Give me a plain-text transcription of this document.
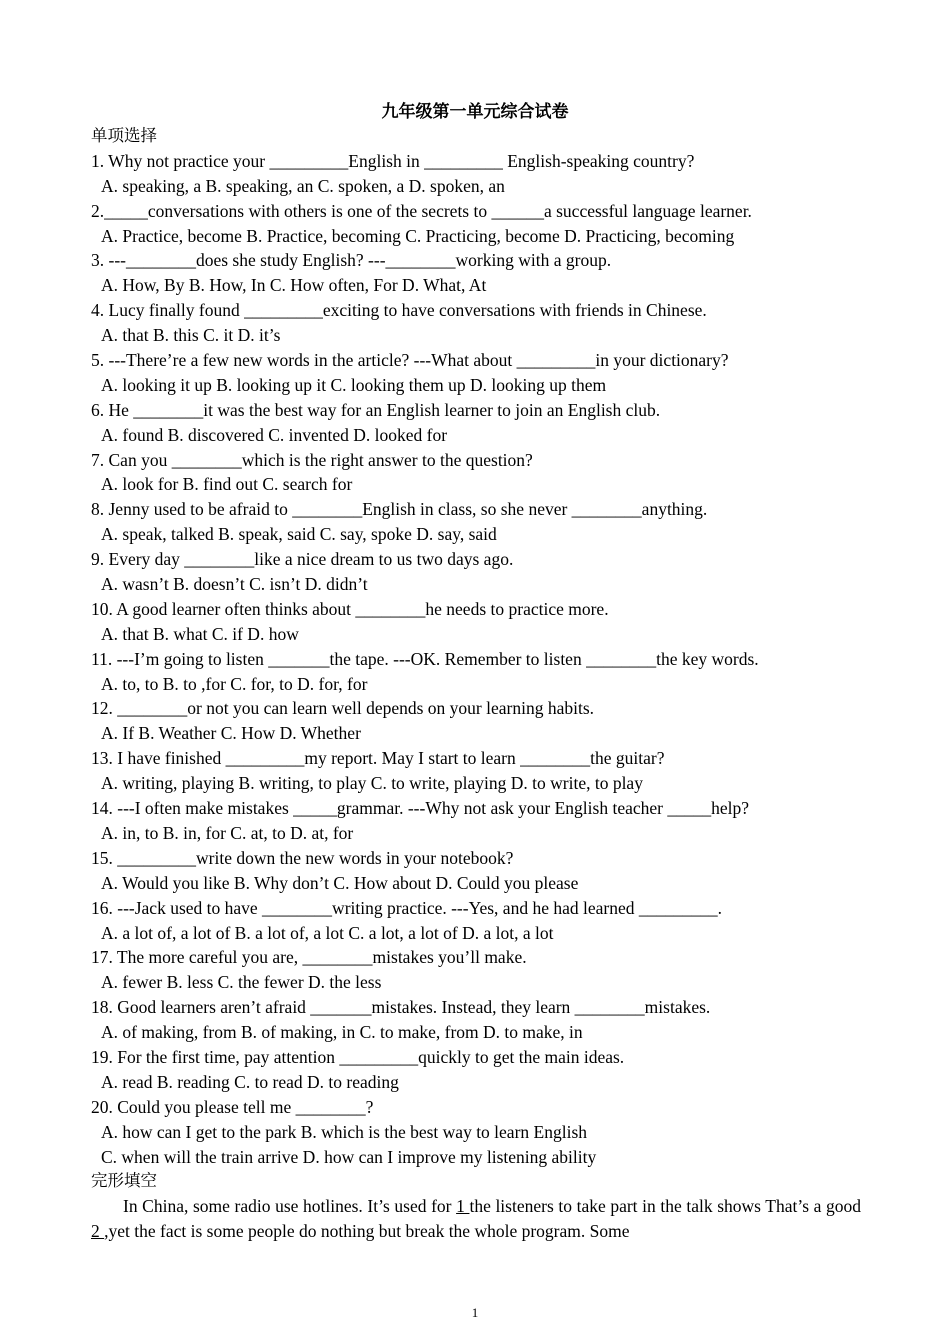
九年级第一单元综合试卷
单项选择
1. Why not practice your _________English in _________ English-speaking country?
A. speaking, a B. speaking, an C. spoken, a D. spoken, an
2._____conversations with others is one of the secrets to ______a successful language learner.
A. Practice, become B. Practice, becoming C. Practicing, become D. Practicing, becoming
3. ---________does she study English? ---________working with a group.
A. How, By B. How, In C. How often, For D. What, At
4. Lucy finally found _________exciting to have conversations with friends in Chinese.
A. that B. this C. it D. it’s
5. ---There’re a few new words in the article? ---What about _________in your dictionary?
A. looking it up B. looking up it C. looking them up D. looking up them
6. He ________it was the best way for an English learner to join an English club.
A. found B. discovered C. invented D. looked for
7. Can you ________which is the right answer to the question?
A. look for B. find out C. search for
8. Jenny used to be afraid to ________English in class, so she never ________anything.
A. speak, talked B. speak, said C. say, spoke D. say, said
9. Every day ________like a nice dream to us two days ago.
A. wasn’t B. doesn’t C. isn’t D. didn’t
10. A good learner often thinks about ________he needs to practice more.
A. that B. what C. if D. how
11. ---I’m going to listen _______the tape. ---OK. Remember to listen ________the key words.
A. to, to B. to ,for C. for, to D. for, for
12. ________or not you can learn well depends on your learning habits.
A. If B. Weather C. How D. Whether
13. I have finished _________my report. May I start to learn ________the guitar?
A. writing, playing B. writing, to play C. to write, playing D. to write, to play
14. ---I often make mistakes _____grammar. ---Why not ask your English teacher _____help?
A. in, to B. in, for C. at, to D. at, for
15. _________write down the new words in your notebook?
A. Would you like B. Why don’t C. How about D. Could you please
16. ---Jack used to have ________writing practice. ---Yes, and he had learned _________.
A. a lot of, a lot of B. a lot of, a lot C. a lot, a lot of D. a lot, a lot
17. The more careful you are, ________mistakes you’ll make.
A. fewer B. less C. the fewer D. the less
18. Good learners aren’t afraid _______mistakes. Instead, they learn ________mistakes.
A. of making, from B. of making, in C. to make, from D. to make, in
19. For the first time, pay attention _________quickly to get the main ideas.
A. read B. reading C. to read D. to reading
20. Could you please tell me ________?
A. how can I get to the park B. which is the best way to learn English
C. when will the train arrive D. how can I improve my listening ability
完形填空
In China, some radio use hotlines. It’s used for 1 the listeners to take part in the talk shows That’s a good 2 ,yet the fact is some people do nothing but break the whole program. Some
1
